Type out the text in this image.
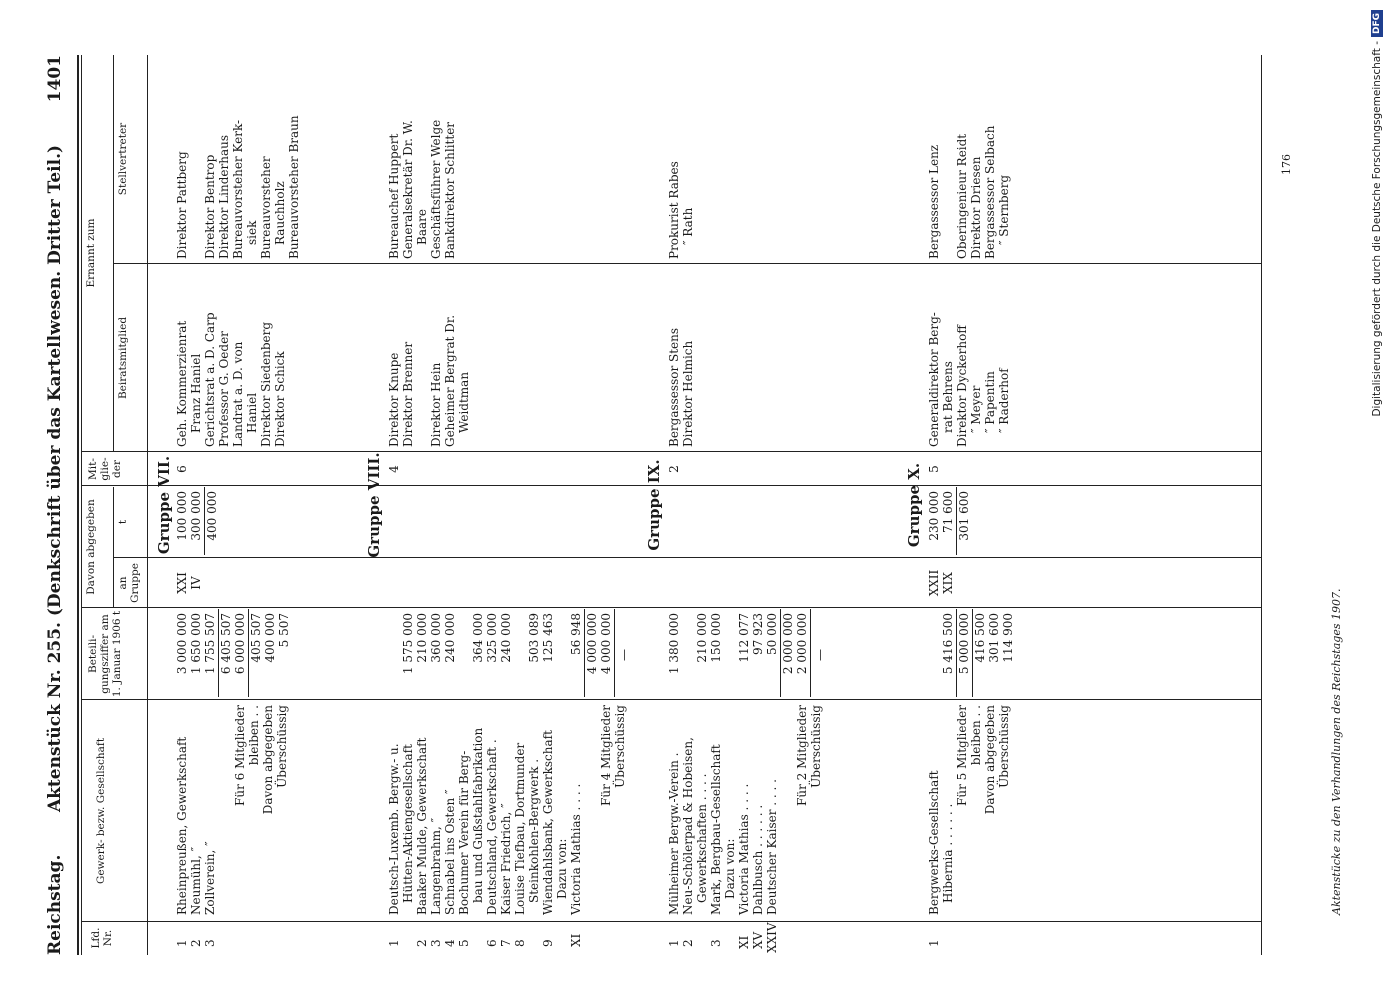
Digitalisierung gefördert durch die Deutsche Forschungsgemeinschaft -
DFG
Reichstag.
Aktenstück Nr. 255. (Denkschrift über das Kartellwesen. Dritter Teil.)
1401
Lfd. Nr.
Gewerk- bezw. Gesellschaft
Beteili-gungsziffer am 1. Januar 1906 t
Davon abgegeben an Gruppe
t
Mit-glie-der
Ernannt zum
Beiratsmitglied
Stellvertreter
Gruppe VII. 6
1
Rheinpreußen, Gewerkschaft
3 000 000
2
Neumühl, ″
1 650 000
3
Zollverein, ″
1 755 507 6 405 507
Für 6 Mitglieder
6 000 000
bleiben . .
405 507
Davon abgegeben
400 000
Überschüssig
5 507
XXI
100 000
IV
300 000 400 000
Geh. Kommerzienrat Franz Haniel Gerichtsrat a. D. Carp Professor G. Oeder Landrat a. D. von Haniel Direktor Siedenberg Direktor Schick
Direktor Pattberg Direktor Bentrop Direktor Linderhaus Bureauvorsteher Kerk- siek Bureauvorsteher Rauchholz Bureauvorsteher Braun
Gruppe VIII. 4
1
Deutsch-Luxemb. Bergw.- u.
1 575 000
Hütten-Aktiengesellschaft
2
Baaker Mulde, Gewerkschaft
210 000
3
Langenbrahm, ″
360 000
4
Schnabel ins Osten ″
240 000
5
Bochumer Verein für Berg- bau und Gußstahlfabrikation
364 000
6
Deutschland, Gewerkschaft .
325 000
7
Kaiser Friedrich, ″
240 000
8
Louise Tiefbau, Dortmunder Steinkohlen-Bergwerk .
503 089
9
Wiendahlsbank, Gewerkschaft
125 463
Dazu von:
XI
Victoria Mathias . . . .
56 948 4 000 000
Für 4 Mitglieder
4 000 000
Überschüssig
—
Direktor Knupe Direktor Brenner Direktor Hein Geheimer Bergrat Dr. Weidtman
Bureauchef Huppert Generalsekretär Dr. W. Baare Geschäftsführer Welge Bankdirektor Schlitter
Gruppe IX. 2
1
Mülheimer Bergw.-Verein .
1 380 000
2
Neu-Schölerpad & Hobeisen, Gewerkschaften . . . .
210 000
3
Mark, Bergbau-Gesellschaft
150 000
Dazu von:
XI
Victoria Mathias . . . .
112 077
XV
Dahlbusch . . . . . .
97 923
XXIV
Deutscher Kaiser . . . .
50 000 2 000 000
Für 2 Mitglieder
2 000 000
Überschüssig
—
Bergassessor Stens Direktor Helmich
Prokurist Rabes ″ Rath
Gruppe X. 5
1
Bergwerks-Gesellschaft Hibernia . . . . . .
5 416 500
Für 5 Mitglieder
5 000 000
bleiben . .
416 500
Davon abgegeben
301 600
Überschüssig
114 900
XXII
230 000
XIX
71 600 301 600
Generaldirektor Berg- rat Behrens Direktor Dyckerhoff ″ Meyer ″ Papentin ″ Raderhof
Bergassessor Lenz Oberingenieur Reidt Direktor Driesen Bergassessor Selbach ″ Sternberg
176
Aktenstücke zu den Verhandlungen des Reichstages 1907.
